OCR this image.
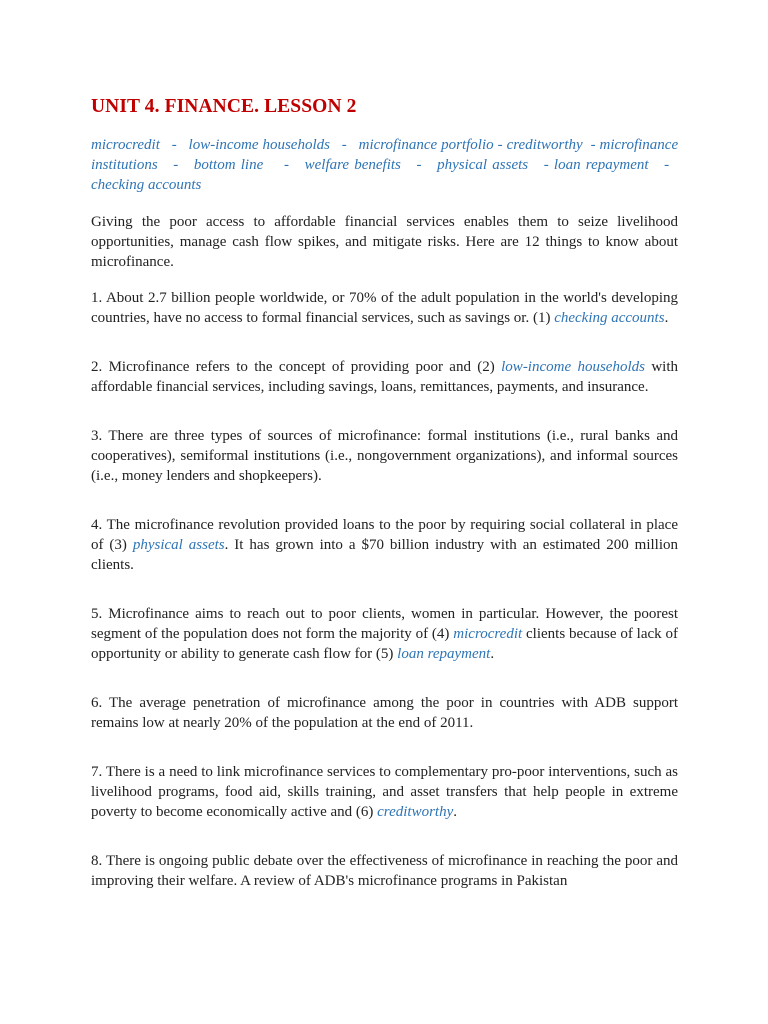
UNIT 4. FINANCE. LESSON 2
microcredit - low-income households - microfinance portfolio - creditworthy - microfinance institutions - bottom line - welfare benefits - physical assets - loan repayment -   checking accounts

Giving the poor access to affordable financial services enables them to seize livelihood opportunities, manage cash flow spikes, and mitigate risks. Here are 12 things to know about microfinance.

1. About 2.7 billion people worldwide, or 70% of the adult population in the world's developing countries, have no access to formal financial services, such as savings or. (1) checking accounts.

2. Microfinance refers to the concept of providing poor and (2) low-income households with affordable financial services, including savings, loans, remittances, payments, and insurance.

3. There are three types of sources of microfinance: formal institutions (i.e., rural banks and cooperatives), semiformal institutions (i.e., nongovernment organizations), and informal sources (i.e., money lenders and shopkeepers).

4. The microfinance revolution provided loans to the poor by requiring social collateral in place of (3) physical assets. It has grown into a $70 billion industry with an estimated 200 million clients.

5. Microfinance aims to reach out to poor clients, women in particular. However, the poorest segment of the population does not form the majority of (4) microcredit clients because of lack of opportunity or ability to generate cash flow for (5) loan repayment.

6. The average penetration of microfinance among the poor in countries with ADB support remains low at nearly 20% of the population at the end of 2011.

7. There is a need to link microfinance services to complementary pro-poor interventions, such as livelihood programs, food aid, skills training, and asset transfers that help people in extreme poverty to become economically active and (6) creditworthy.

8. There is ongoing public debate over the effectiveness of microfinance in reaching the poor and improving their welfare. A review of ADB's microfinance programs in Pakistan
